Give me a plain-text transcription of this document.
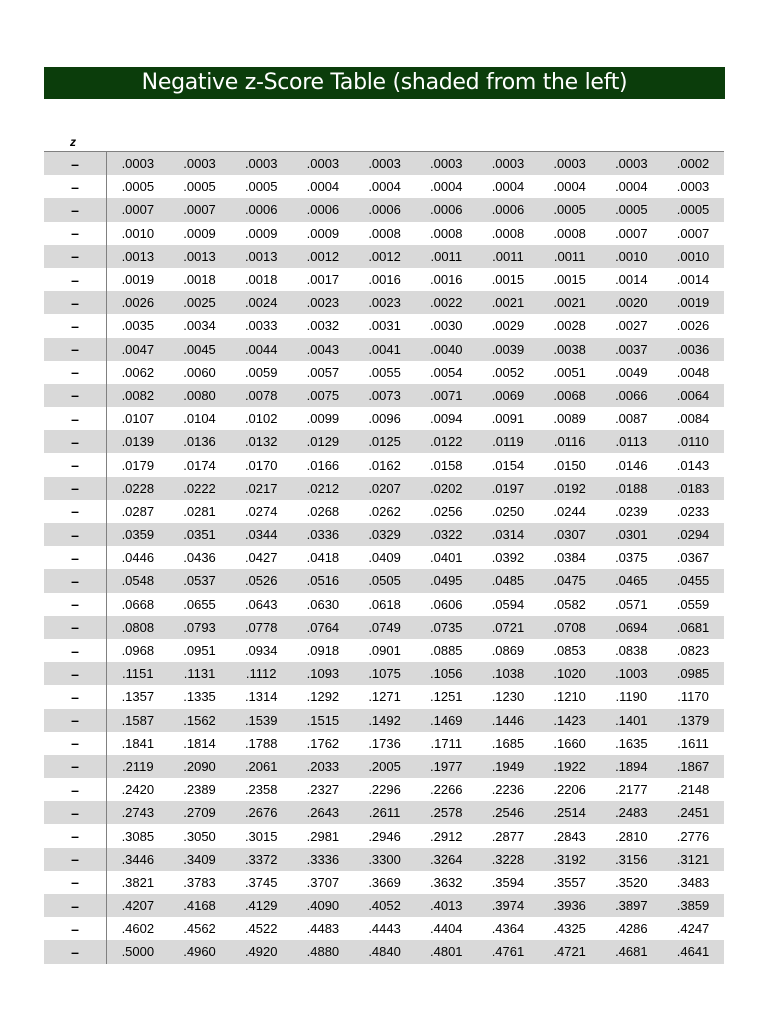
Negative z-Score Table (shaded from the left)
z
–	.0003	.0003	.0003	.0003	.0003	.0003	.0003	.0003	.0003	.0002
–	.0005	.0005	.0005	.0004	.0004	.0004	.0004	.0004	.0004	.0003
–	.0007	.0007	.0006	.0006	.0006	.0006	.0006	.0005	.0005	.0005
–	.0010	.0009	.0009	.0009	.0008	.0008	.0008	.0008	.0007	.0007
–	.0013	.0013	.0013	.0012	.0012	.0011	.0011	.0011	.0010	.0010
–	.0019	.0018	.0018	.0017	.0016	.0016	.0015	.0015	.0014	.0014
–	.0026	.0025	.0024	.0023	.0023	.0022	.0021	.0021	.0020	.0019
–	.0035	.0034	.0033	.0032	.0031	.0030	.0029	.0028	.0027	.0026
–	.0047	.0045	.0044	.0043	.0041	.0040	.0039	.0038	.0037	.0036
–	.0062	.0060	.0059	.0057	.0055	.0054	.0052	.0051	.0049	.0048
–	.0082	.0080	.0078	.0075	.0073	.0071	.0069	.0068	.0066	.0064
–	.0107	.0104	.0102	.0099	.0096	.0094	.0091	.0089	.0087	.0084
–	.0139	.0136	.0132	.0129	.0125	.0122	.0119	.0116	.0113	.0110
–	.0179	.0174	.0170	.0166	.0162	.0158	.0154	.0150	.0146	.0143
–	.0228	.0222	.0217	.0212	.0207	.0202	.0197	.0192	.0188	.0183
–	.0287	.0281	.0274	.0268	.0262	.0256	.0250	.0244	.0239	.0233
–	.0359	.0351	.0344	.0336	.0329	.0322	.0314	.0307	.0301	.0294
–	.0446	.0436	.0427	.0418	.0409	.0401	.0392	.0384	.0375	.0367
–	.0548	.0537	.0526	.0516	.0505	.0495	.0485	.0475	.0465	.0455
–	.0668	.0655	.0643	.0630	.0618	.0606	.0594	.0582	.0571	.0559
–	.0808	.0793	.0778	.0764	.0749	.0735	.0721	.0708	.0694	.0681
–	.0968	.0951	.0934	.0918	.0901	.0885	.0869	.0853	.0838	.0823
–	.1151	.1131	.1112	.1093	.1075	.1056	.1038	.1020	.1003	.0985
–	.1357	.1335	.1314	.1292	.1271	.1251	.1230	.1210	.1190	.1170
–	.1587	.1562	.1539	.1515	.1492	.1469	.1446	.1423	.1401	.1379
–	.1841	.1814	.1788	.1762	.1736	.1711	.1685	.1660	.1635	.1611
–	.2119	.2090	.2061	.2033	.2005	.1977	.1949	.1922	.1894	.1867
–	.2420	.2389	.2358	.2327	.2296	.2266	.2236	.2206	.2177	.2148
–	.2743	.2709	.2676	.2643	.2611	.2578	.2546	.2514	.2483	.2451
–	.3085	.3050	.3015	.2981	.2946	.2912	.2877	.2843	.2810	.2776
–	.3446	.3409	.3372	.3336	.3300	.3264	.3228	.3192	.3156	.3121
–	.3821	.3783	.3745	.3707	.3669	.3632	.3594	.3557	.3520	.3483
–	.4207	.4168	.4129	.4090	.4052	.4013	.3974	.3936	.3897	.3859
–	.4602	.4562	.4522	.4483	.4443	.4404	.4364	.4325	.4286	.4247
–	.5000	.4960	.4920	.4880	.4840	.4801	.4761	.4721	.4681	.4641
